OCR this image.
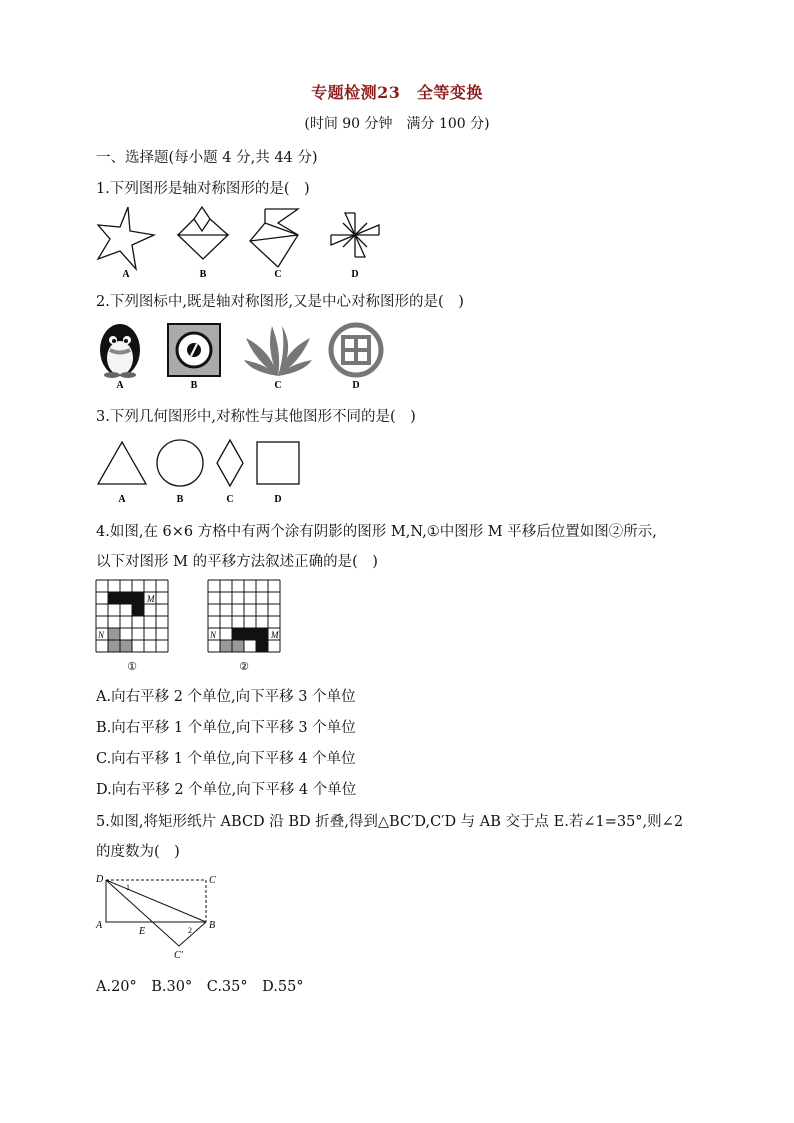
专题检测23　全等变换
(时间 90 分钟　满分 100 分)
一、选择题(每小题 4 分,共 44 分)
1.下列图形是轴对称图形的是(　)
A	B	C	D
2.下列图标中,既是轴对称图形,又是中心对称图形的是(　)
A	B	C	D
3.下列几何图形中,对称性与其他图形不同的是(　)
A	B	C	D
4.如图,在 6×6 方格中有两个涂有阴影的图形 M,N,①中图形 M 平移后位置如图②所示,
以下对图形 M 的平移方法叙述正确的是(　)
M
N
①
M
N
②
A.向右平移 2 个单位,向下平移 3 个单位
B.向右平移 1 个单位,向下平移 3 个单位
C.向右平移 1 个单位,向下平移 4 个单位
D.向右平移 2 个单位,向下平移 4 个单位
5.如图,将矩形纸片 ABCD 沿 BD 折叠,得到△BC′D,C′D 与 AB 交于点 E.若∠1=35°,则∠2
的度数为(　)
D	C
A	B
E
C′
1
2
A.20°　B.30°　C.35°　D.55°
